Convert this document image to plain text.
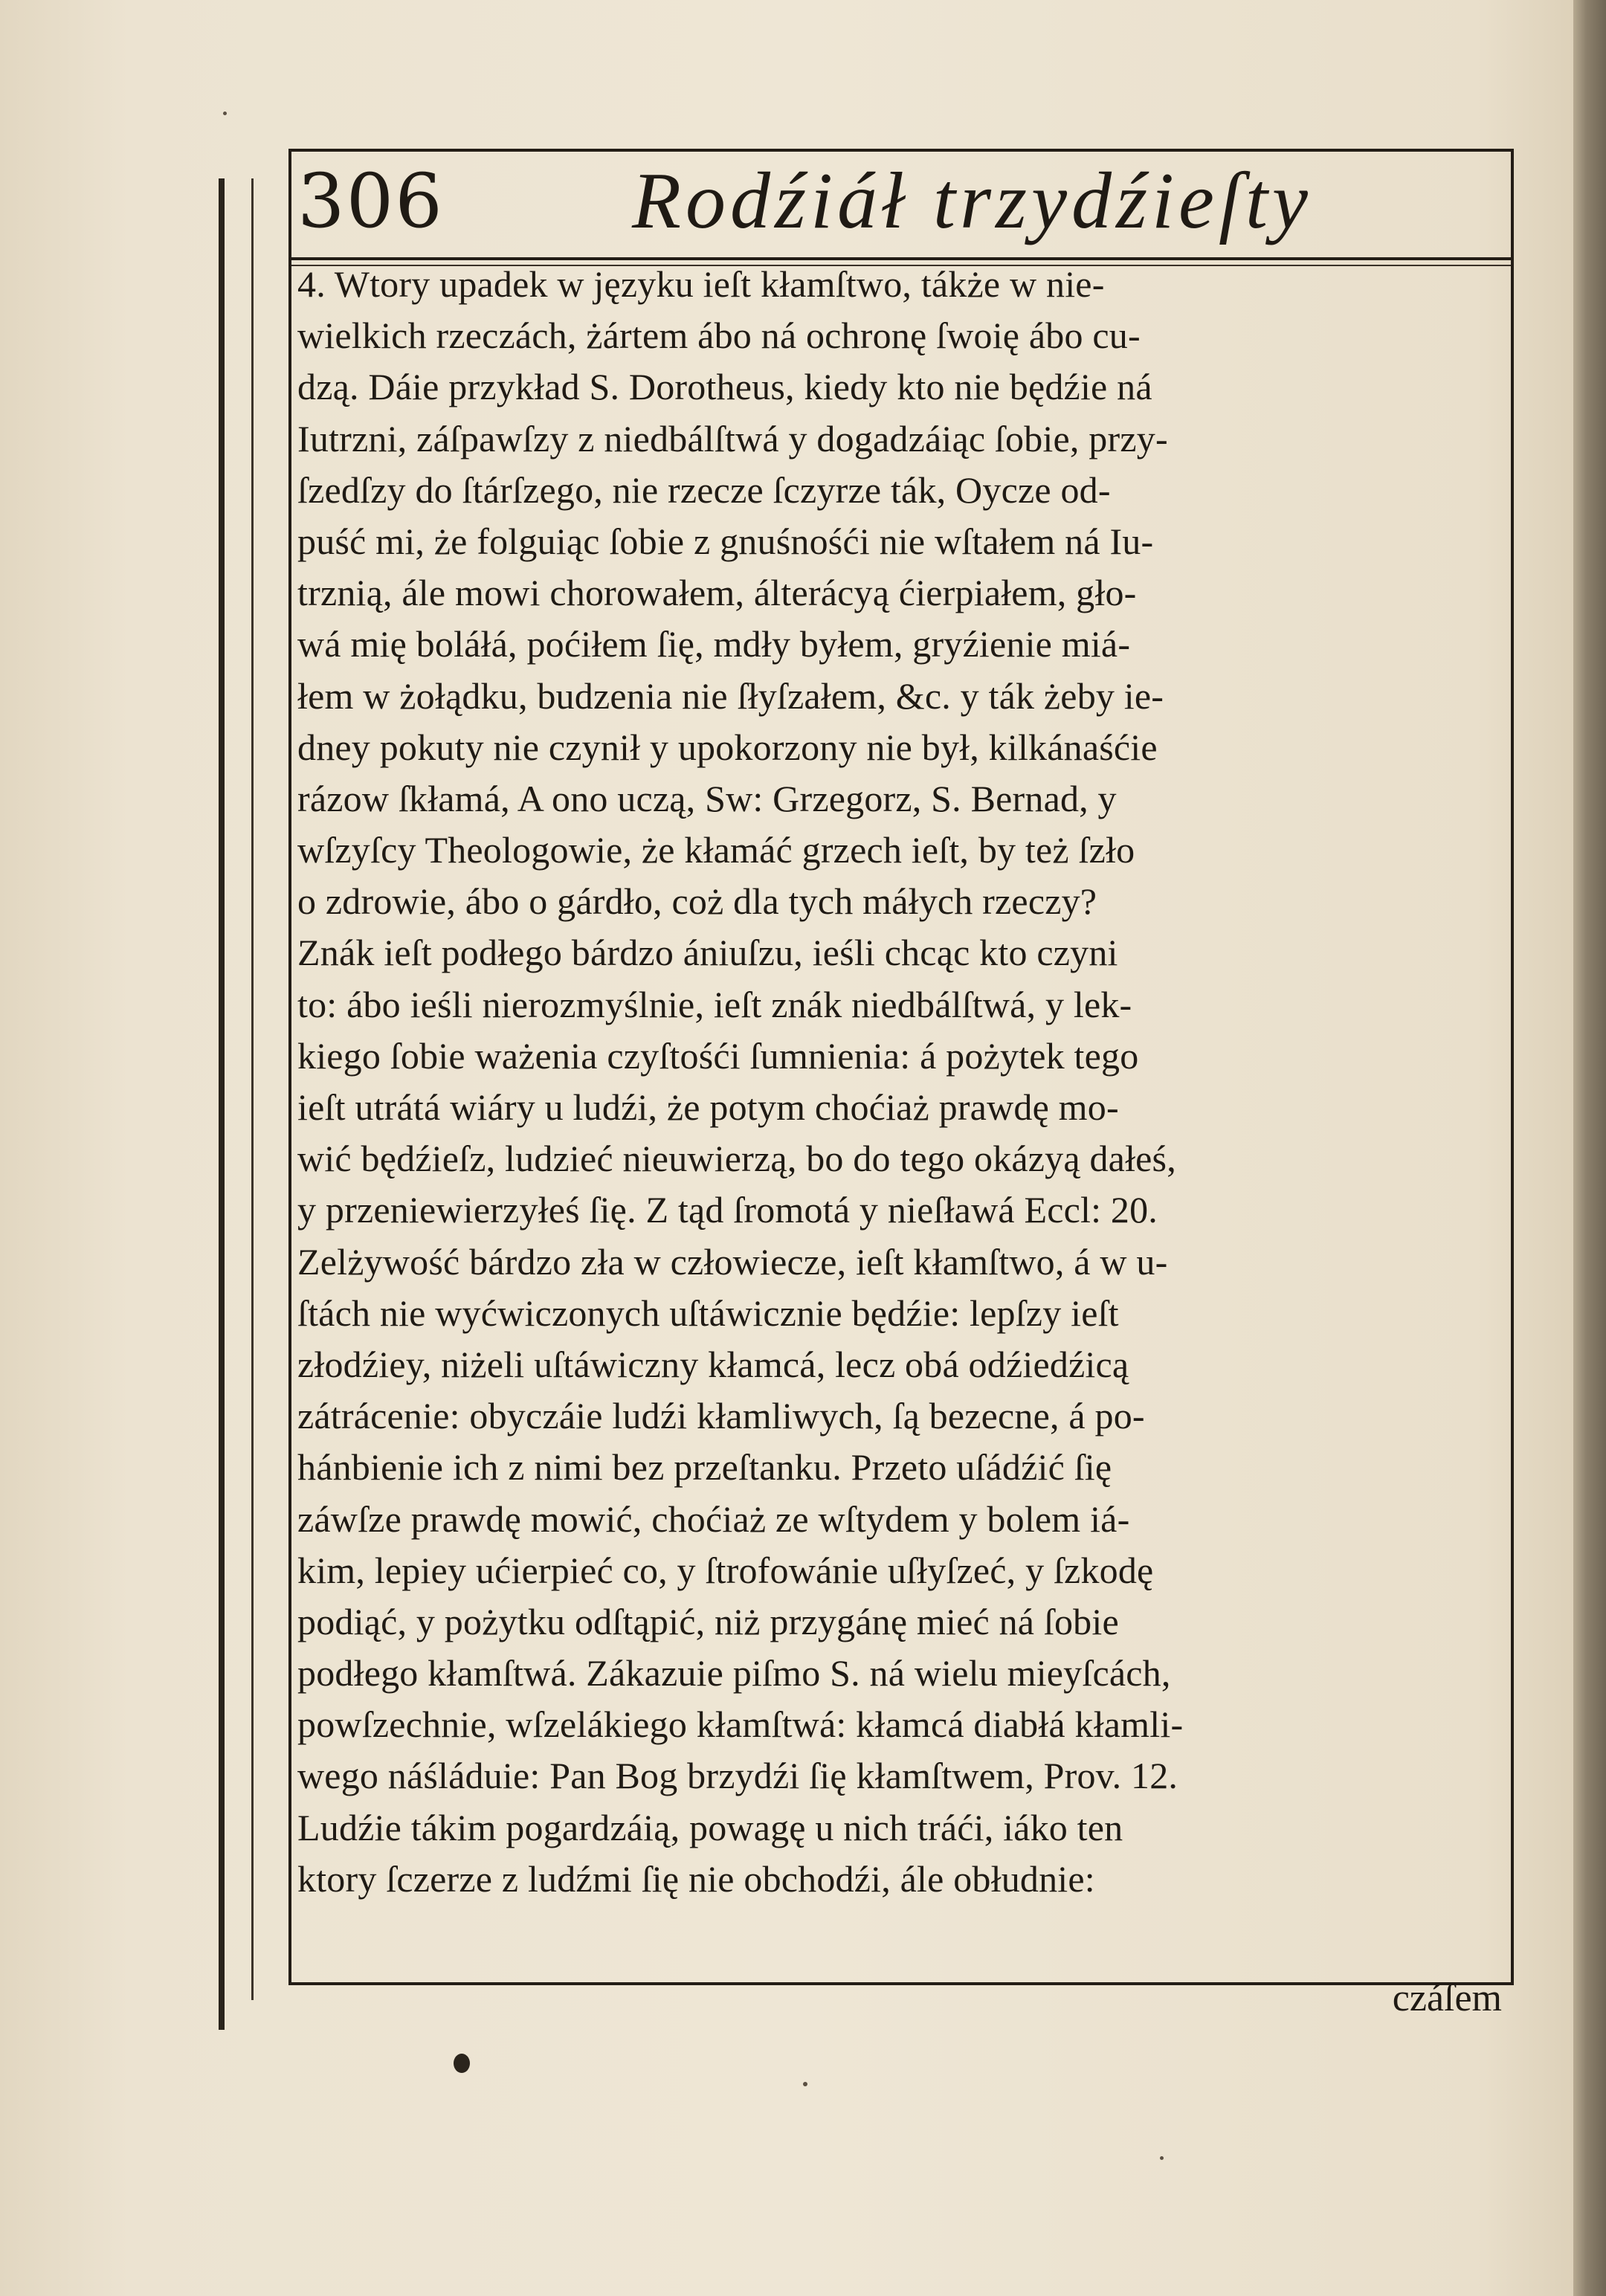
306 Rodźiáł trzydźieſty
4. Wtory upadek w języku ieſt kłamſtwo, tákże w nie-
wielkich rzeczách, żártem ábo ná ochronę ſwoię ábo cu-
dzą. Dáie przykład S. Dorotheus, kiedy kto nie będźie ná
Iutrzni, záſpawſzy z niedbálſtwá y dogadzáiąc ſobie, przy-
ſzedſzy do ſtárſzego, nie rzecze ſczyrze ták, Oycze od-
puść mi, że folguiąc ſobie z gnuśnośći nie wſtałem ná Iu-
trznią, ále mowi chorowałem, álterácyą ćierpiałem, gło-
wá mię boláłá, poćiłem ſię, mdły byłem, gryźienie miá-
łem w żołądku, budzenia nie ſłyſzałem, &c. y ták żeby ie-
dney pokuty nie czynił y upokorzony nie był, kilkánaśćie
rázow ſkłamá, A ono uczą, Sw: Grzegorz, S. Bernad, y
wſzyſcy Theologowie, że kłamáć grzech ieſt, by też ſzło
o zdrowie, ábo o gárdło, coż dla tych máłych rzeczy?
Znák ieſt podłego bárdzo ániuſzu, ieśli chcąc kto czyni
to: ábo ieśli nierozmyślnie, ieſt znák niedbálſtwá, y lek-
kiego ſobie ważenia czyſtośći ſumnienia: á pożytek tego
ieſt utrátá wiáry u ludźi, że potym choćiaż prawdę mo-
wić będźieſz, ludzieć nieuwierzą, bo do tego okázyą dałeś,
y przeniewierzyłeś ſię. Z tąd ſromotá y nieſławá Eccl: 20.
Zelżywość bárdzo zła w człowiecze, ieſt kłamſtwo, á w u-
ſtách nie wyćwiczonych uſtáwicznie będźie: lepſzy ieſt
złodźiey, niżeli uſtáwiczny kłamcá, lecz obá odźiedźicą
zátrácenie: obyczáie ludźi kłamliwych, ſą bezecne, á po-
hánbienie ich z nimi bez przeſtanku. Przeto uſádźić ſię
záwſze prawdę mowić, choćiaż ze wſtydem y bolem iá-
kim, lepiey ućierpieć co, y ſtrofowánie uſłyſzeć, y ſzkodę
podiąć, y pożytku odſtąpić, niż przygánę mieć ná ſobie
podłego kłamſtwá. Zákazuie piſmo S. ná wielu mieyſcách,
powſzechnie, wſzelákiego kłamſtwá: kłamcá diabłá kłamli-
wego náśláduie: Pan Bog brzydźi ſię kłamſtwem, Prov. 12.
Ludźie tákim pogardzáią, powagę u nich tráći, iáko ten
ktory ſczerze z ludźmi ſię nie obchodźi, ále obłudnie:
czáſem
